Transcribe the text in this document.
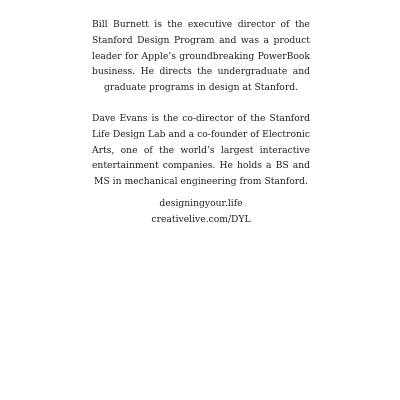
Bill Burnett is the executive director of the Stanford Design Program and was a product leader for Apple’s groundbreaking PowerBook business. He directs the undergraduate and graduate programs in design at Stanford.

Dave Evans is the co-director of the Stanford Life Design Lab and a co-founder of Electronic Arts, one of the world’s largest interactive entertainment companies. He holds a BS and MS in mechanical engineering from Stanford.

designingyour.life
creativelive.com/DYL
